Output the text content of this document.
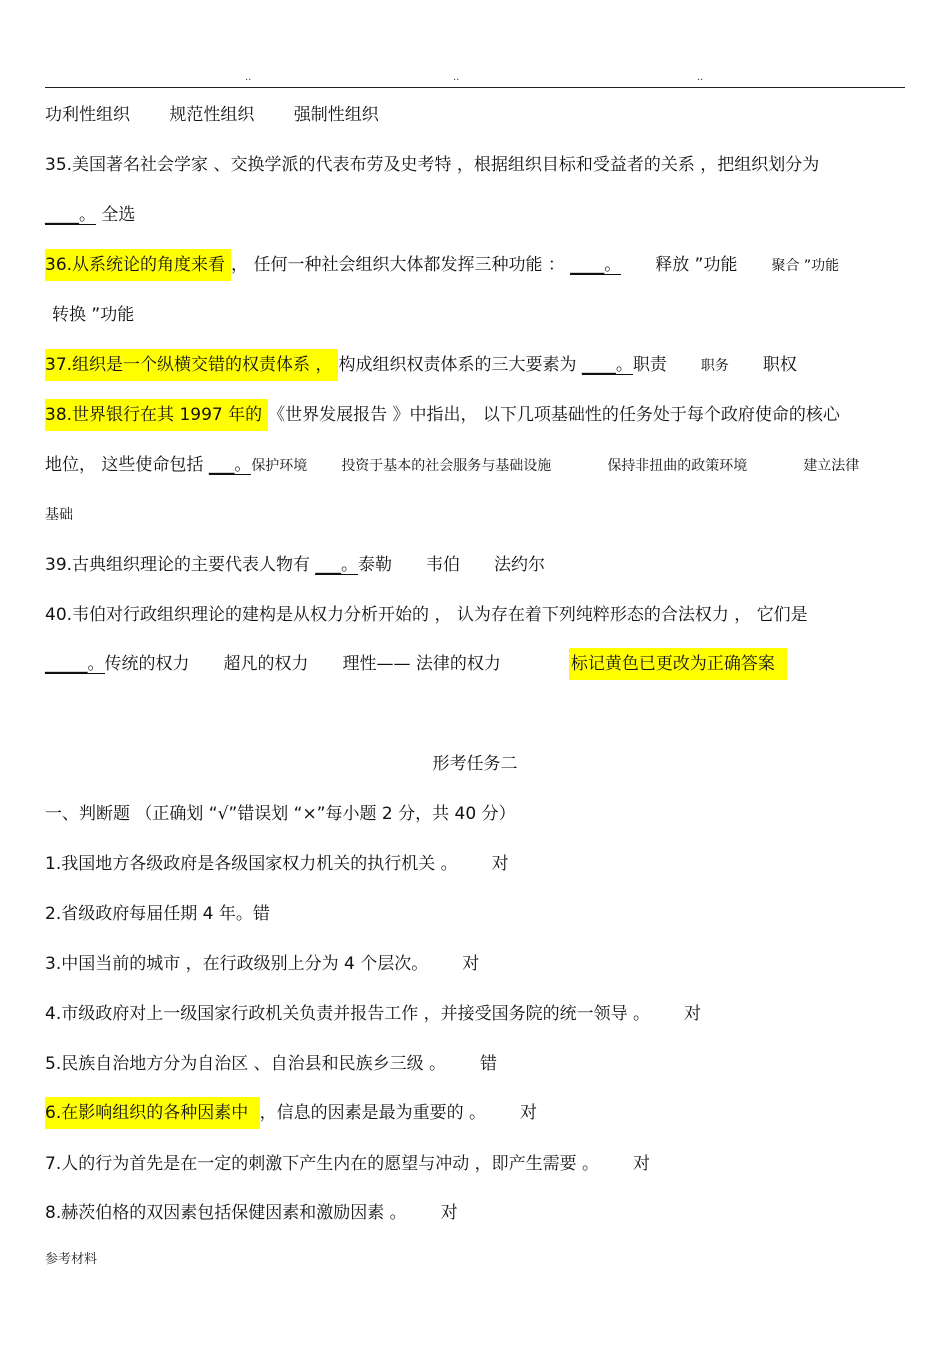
..	..	..
功利性组织 规范性组织 强制性组织
35.美国著名社会学家 、交换学派的代表布劳及史考特 ，根据组织目标和受益者的关系 ，把组织划分为
____。 全选
36.从系统论的角度来看 ， 任何一种社会组织大体都发挥三种功能 ： ____。 释放 ”功能 聚合 ”功能
转换 ”功能
37.组织是一个纵横交错的权责体系 ， 构成组织权责体系的三大要素为 ____。职责 职务 职权
38.世界银行在其 1997 年的 《世界发展报告 》中指出， 以下几项基础性的任务处于每个政府使命的核心
地位， 这些使命包括 ___。保护环境 投资于基本的社会服务与基础设施	保持非扭曲的政策环境	建立法律
基础
39.古典组织理论的主要代表人物有 ___。泰勒 韦伯 法约尔
40.韦伯对行政组织理论的建构是从权力分析开始的 ， 认为存在着下列纯粹形态的合法权力 ， 它们是
_____。传统的权力 超凡的权力 理性—— 法律的权力	标记黄色已更改为正确答案
形考任务二
一、判断题 （正确划 “√”错误划 “×”每小题 2 分，共 40 分）
1.我国地方各级政府是各级国家权力机关的执行机关 。 对
2.省级政府每届任期 4 年。错
3.中国当前的城市 ，在行政级别上分为 4 个层次。 对
4.市级政府对上一级国家行政机关负责并报告工作 ，并接受国务院的统一领导 。 对
5.民族自治地方分为自治区 、自治县和民族乡三级 。 错
6.在影响组织的各种因素中 ，信息的因素是最为重要的 。 对
7.人的行为首先是在一定的刺激下产生内在的愿望与冲动 ，即产生需要 。 对
8.赫茨伯格的双因素包括保健因素和激励因素 。 对
参考材料
